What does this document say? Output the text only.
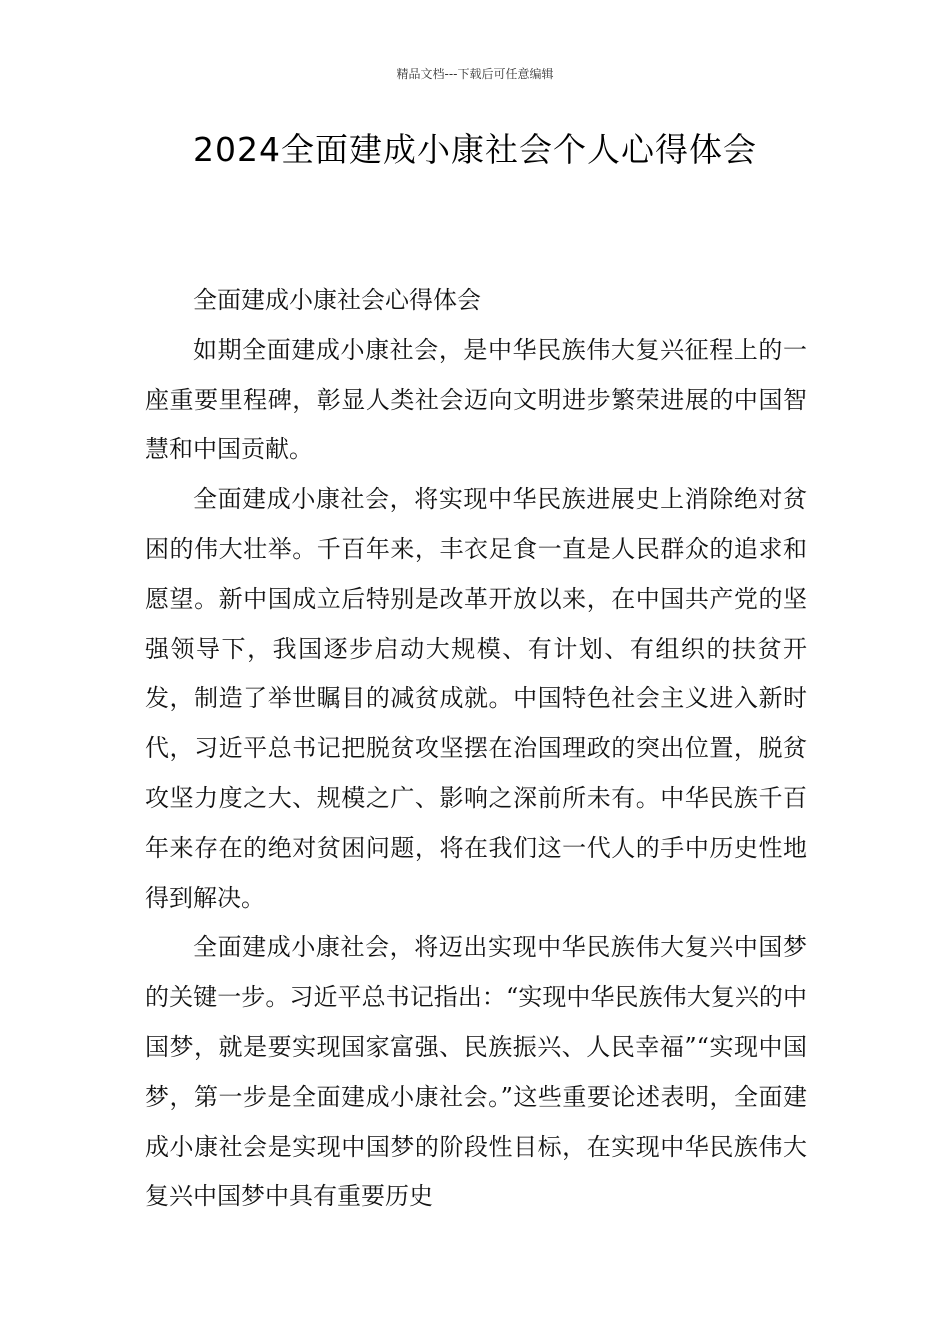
精品文档---下载后可任意编辑
2024全面建成小康社会个人心得体会

全面建成小康社会心得体会

如期全面建成小康社会，是中华民族伟大复兴征程上的一座重要里程碑，彰显人类社会迈向文明进步繁荣进展的中国智慧和中国贡献。

全面建成小康社会，将实现中华民族进展史上消除绝对贫困的伟大壮举。千百年来，丰衣足食一直是人民群众的追求和愿望。新中国成立后特别是改革开放以来，在中国共产党的坚强领导下，我国逐步启动大规模、有计划、有组织的扶贫开发，制造了举世瞩目的减贫成就。中国特色社会主义进入新时代，习近平总书记把脱贫攻坚摆在治国理政的突出位置，脱贫攻坚力度之大、规模之广、影响之深前所未有。中华民族千百年来存在的绝对贫困问题，将在我们这一代人的手中历史性地得到解决。

全面建成小康社会，将迈出实现中华民族伟大复兴中国梦的关键一步。习近平总书记指出：“实现中华民族伟大复兴的中国梦，就是要实现国家富强、民族振兴、人民幸福”“实现中国梦，第一步是全面建成小康社会。”这些重要论述表明，全面建成小康社会是实现中国梦的阶段性目标，在实现中华民族伟大复兴中国梦中具有重要历史
